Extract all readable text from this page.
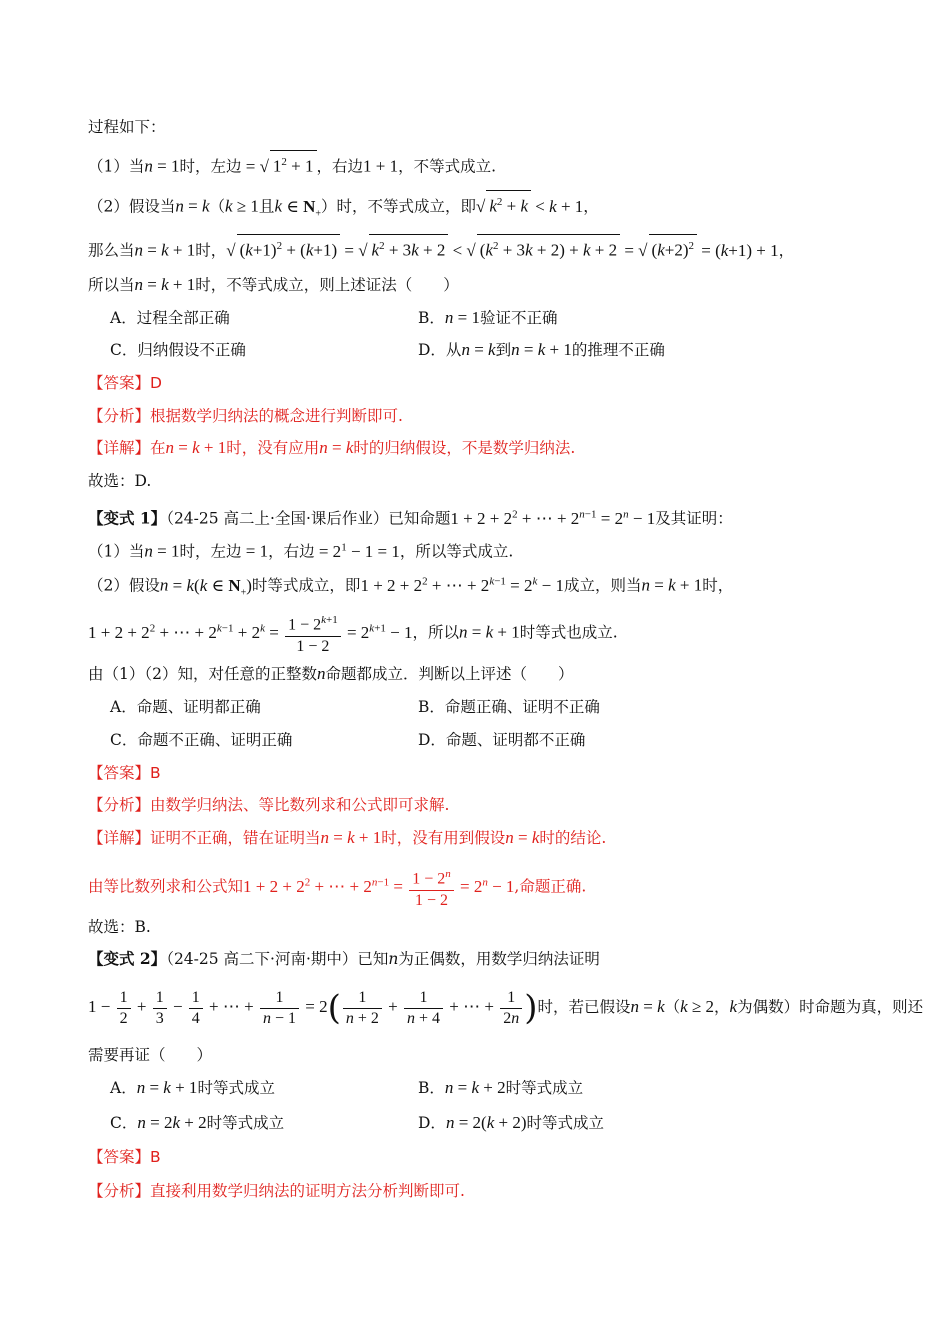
过程如下：
（1）当n = 1时，左边 = √ $1^2 + 1$ ，右边1 + 1，不等式成立.
（2）假设当n = k（k ≥ 1且k ∈ $N_+$）时，不等式成立，即√ $k^2 + k < k + 1$，
那么当n = k + 1时，√ $(k+1)^2 + (k+1)$ = √ $k^2 + 3k + 2$ < √ $(k^2 + 3k + 2) + k + 2$ = √ $(k+2)^2 = (k+1) + 1$，
所以当n = k + 1时，不等式成立，则上述证法（　　）
A．过程全部正确	B．n = 1验证不正确
C．归纳假设不正确	D．从n = k到n = k + 1的推理不正确
【答案】D
【分析】根据数学归纳法的概念进行判断即可.
【详解】在n = k + 1时，没有应用n = k时的归纳假设，不是数学归纳法.
故选：D.
【变式 1】（24-25 高二上·全国·课后作业）已知命题$1 + 2 + 2^2$ + ⋯ + $2^{n-1} = 2^n - 1$及其证明：
（1）当n = 1时，左边 = 1，右边 = $2^1 - 1 = 1$，所以等式成立.
（2）假设n = k(k ∈ $N_+$)时等式成立，即$1 + 2 + 2^2$ + ⋯ + $2^{k-1} = 2^k - 1$成立，则当n = k + 1时，
$1 + 2 + 2^2$ + ⋯ + $2^{k-1} + 2^k = \frac{1 - 2^{k+1}}{1 - 2} = 2^{k+1} - 1$，所以n = k + 1时等式也成立.
由（1）（2）知，对任意的正整数n命题都成立．判断以上评述（　　）
A．命题、证明都正确	B．命题正确、证明不正确
C．命题不正确、证明正确	D．命题、证明都不正确
【答案】B
【分析】由数学归纳法、等比数列求和公式即可求解.
【详解】证明不正确，错在证明当n = k + 1时，没有用到假设n = k时的结论.
由等比数列求和公式知$1 + 2 + 2^2$ + ⋯ + $2^{n-1} = \frac{1 - 2^n}{1 - 2} = 2^n - 1$,命题正确.
故选：B.
【变式 2】（24-25 高二下·河南·期中）已知n为正偶数，用数学归纳法证明
$1 - \frac{1}{2} + \frac{1}{3} - \frac{1}{4}$ + ⋯ + $\frac{1}{n - 1} = 2( \frac{1}{n + 2} + \frac{1}{n + 4}$ + ⋯ + $\frac{1}{2n}$ )时，若已假设n = k（k ≥ 2，k为偶数）时命题为真，则还
需要再证（　　）
A．n = k + 1时等式成立	B．n = k + 2时等式成立
C．n = 2k + 2时等式成立	D．n = 2(k + 2)时等式成立
【答案】B
【分析】直接利用数学归纳法的证明方法分析判断即可.
